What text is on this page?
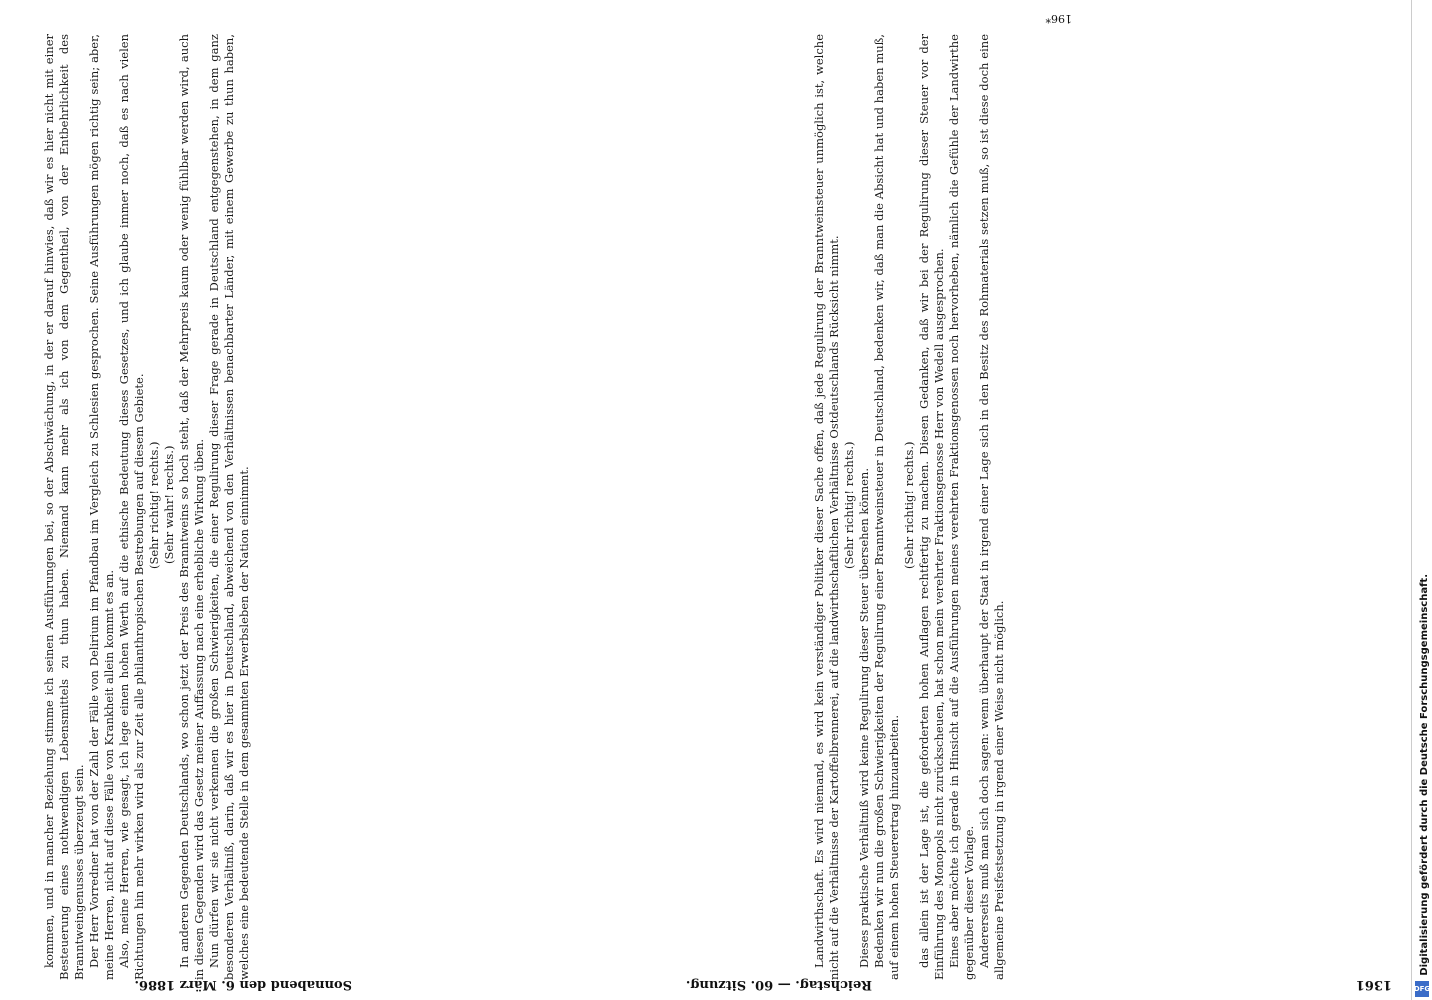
Reichstag. — 60. Sitzung.
Sonnabend den 6. März 1886.	1361

kommen, und in mancher Beziehung stimme ich seinen Ausführungen bei, so der Abschwächung, in der er darauf hinwies, daß wir es hier nicht mit einer Besteuerung eines nothwendigen Lebensmittels zu thun haben. Niemand kann mehr als ich von dem Gegentheil, von der Entbehrlichkeit des Branntweingenusses überzeugt sein. Der Herr Vorredner hat von der Zahl der Fälle von Delirium im Pfandbau im Vergleich zu Schlesien gesprochen. Seine Ausführungen mögen richtig sein; aber, meine Herren, nicht auf diese Fälle von Krankheit allein kommt es an. Also, meine Herren, wie gesagt, ich lege einen hohen Werth auf die ethische Bedeutung dieses Gesetzes, und ich glaube immer noch, daß es nach vielen Richtungen hin mehr wirken wird als zur Zeit alle philanthropischen Bestrebungen auf diesem Gebiete. (Sehr richtig! rechts.) (Sehr wahr! rechts.) In anderen Gegenden Deutschlands, wo schon jetzt der Preis des Branntweins so hoch steht, daß der Mehrpreis kaum oder wenig fühlbar werden wird, auch in diesen Gegenden wird das Gesetz meiner Auffassung nach eine erhebliche Wirkung üben. Nun dürfen wir sie nicht verkennen die großen Schwierigkeiten, die einer Regulirung dieser Frage gerade in Deutschland entgegenstehen, in dem ganz besonderen Verhältniß, darin, daß wir es hier in Deutschland, abweichend von den Verhältnissen benachbarter Länder, mit einem Gewerbe zu thun haben, welches eine bedeutende Stelle in dem gesammten Erwerbsleben der Nation einnimmt.	Landwirthschaft. Es wird niemand, es wird kein verständiger Politiker dieser Sache offen, daß jede Regulirung der Branntweinsteuer unmöglich ist, welche nicht auf die Verhältnisse der Kartoffelbrennerei, auf die landwirthschaftlichen Verhältnisse Ostdeutschlands Rücksicht nimmt. (Sehr richtig! rechts.) Dieses praktische Verhältniß wird keine Regulirung dieser Steuer übersehen können. Bedenken wir nun die großen Schwierigkeiten der Regulirung einer Branntweinsteuer in Deutschland, bedenken wir, daß man die Absicht hat und haben muß, auf einem hohen Steuerertrag hinzuarbeiten.

(Sehr richtig! rechts.) das allein ist der Lage ist, die geforderten hohen Auflagen rechtfertig zu machen. Diesen Gedanken, daß wir bei der Regulirung dieser Steuer vor der Einführung des Monopols nicht zurückscheuen, hat schon mein verehrter Fraktionsgenosse Herr von Wedell ausgesprochen. Eines aber möchte ich gerade in Hinsicht auf die Ausführungen meines verehrten Fraktionsgenossen noch hervorheben, nämlich die Gefühle der Landwirthe gegenüber dieser Vorlage. Andererseits muß man sich doch sagen: wenn überhaupt der Staat in irgend einer Lage sich in den Besitz des Rohmaterials setzen muß, so ist diese doch eine allgemeine Preisfestsetzung in irgend einer Weise nicht möglich.

196*
Digitalisierung gefördert durch die Deutsche Forschungsgemeinschaft.
DFG
